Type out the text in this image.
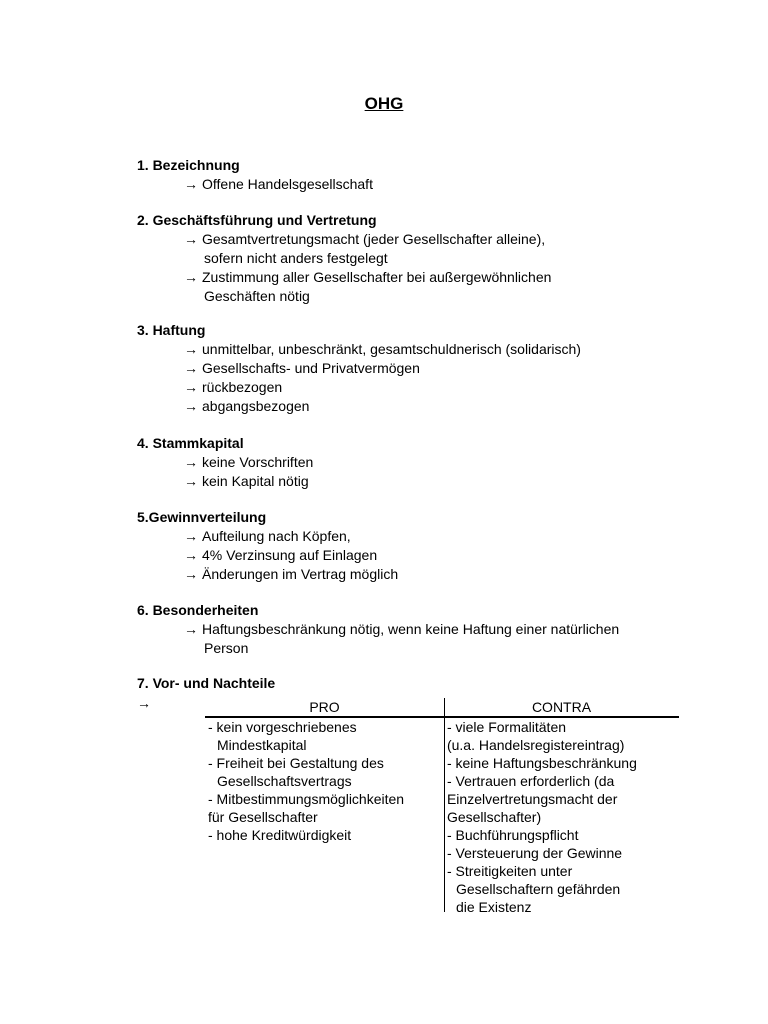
OHG
1. Bezeichnung
→ Offene Handelsgesellschaft
2. Geschäftsführung und Vertretung
→ Gesamtvertretungsmacht (jeder Gesellschafter alleine),
sofern nicht anders festgelegt
→ Zustimmung aller Gesellschafter bei außergewöhnlichen
Geschäften nötig
3. Haftung
→ unmittelbar, unbeschränkt, gesamtschuldnerisch (solidarisch)
→ Gesellschafts- und Privatvermögen
→ rückbezogen
→ abgangsbezogen
4. Stammkapital
→ keine Vorschriften
→ kein Kapital nötig
5.Gewinnverteilung
→ Aufteilung nach Köpfen,
→ 4% Verzinsung auf Einlagen
→ Änderungen im Vertrag möglich
6. Besonderheiten
→ Haftungsbeschränkung nötig, wenn keine Haftung einer natürlichen
Person
7. Vor- und Nachteile
→	PRO	CONTRA
- kein vorgeschriebenes
Mindestkapital
- Freiheit bei Gestaltung des
Gesellschaftsvertrags
- Mitbestimmungsmöglichkeiten
für Gesellschafter
- hohe Kreditwürdigkeit
- viele Formalitäten
(u.a. Handelsregistereintrag)
- keine Haftungsbeschränkung
- Vertrauen erforderlich (da
Einzelvertretungsmacht der
Gesellschafter)
- Buchführungspflicht
- Versteuerung der Gewinne
- Streitigkeiten unter
Gesellschaftern gefährden
die Existenz
